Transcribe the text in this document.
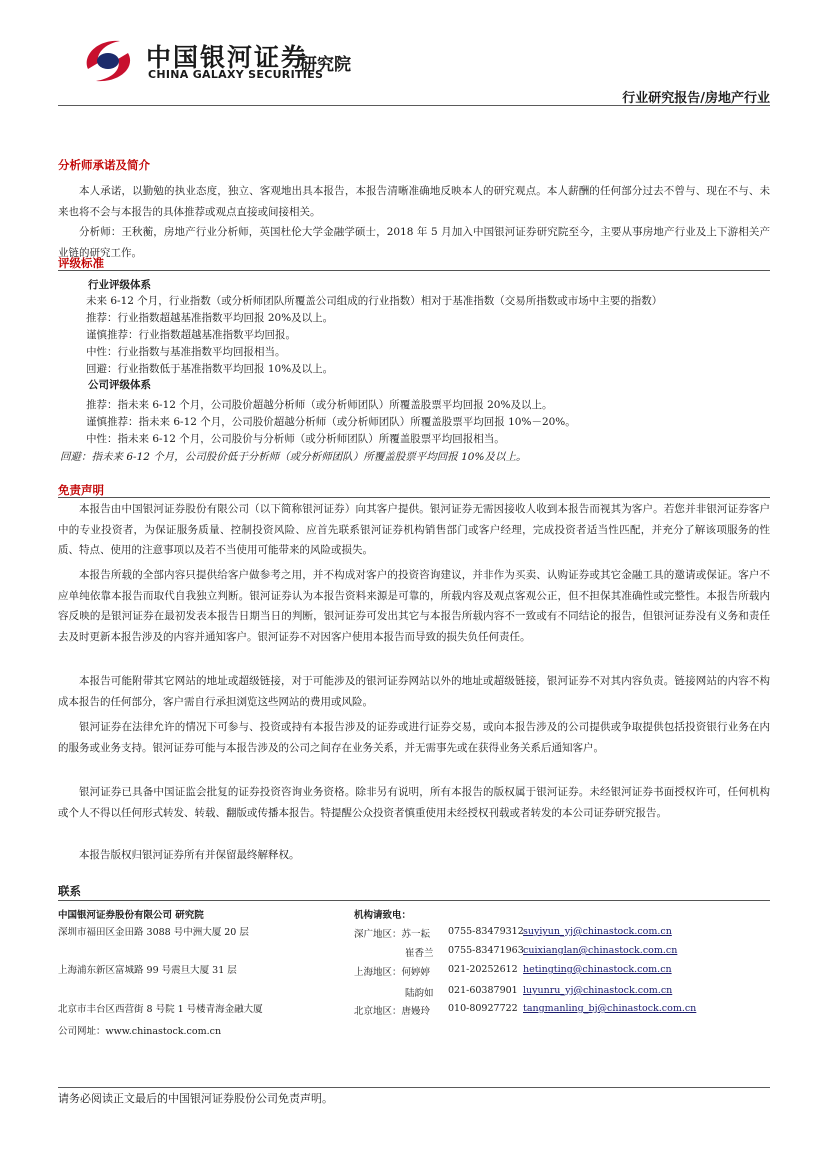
中国银河证券
研究院
CHINA GALAXY SECURITIES
行业研究报告/房地产行业
分析师承诺及简介
本人承诺，以勤勉的执业态度，独立、客观地出具本报告，本报告清晰准确地反映本人的研究观点。本人薪酬的任何部分过去不曾与、现在不与、未来也将不会与本报告的具体推荐或观点直接或间接相关。
分析师：王秋蘅，房地产行业分析师，英国杜伦大学金融学硕士，2018 年 5 月加入中国银河证券研究院至今，主要从事房地产行业及上下游相关产业链的研究工作。
评级标准
行业评级体系
未来 6-12 个月，行业指数（或分析师团队所覆盖公司组成的行业指数）相对于基准指数（交易所指数或市场中主要的指数）
推荐：行业指数超越基准指数平均回报 20%及以上。
谨慎推荐：行业指数超越基准指数平均回报。
中性：行业指数与基准指数平均回报相当。
回避：行业指数低于基准指数平均回报 10%及以上。
公司评级体系
推荐：指未来 6-12 个月，公司股价超越分析师（或分析师团队）所覆盖股票平均回报 20%及以上。
谨慎推荐：指未来 6-12 个月，公司股价超越分析师（或分析师团队）所覆盖股票平均回报 10%－20%。
中性：指未来 6-12 个月，公司股价与分析师（或分析师团队）所覆盖股票平均回报相当。
回避：指未来 6-12 个月，公司股价低于分析师（或分析师团队）所覆盖股票平均回报 10%及以上。
免责声明
本报告由中国银河证券股份有限公司（以下简称银河证券）向其客户提供。银河证券无需因接收人收到本报告而视其为客户。若您并非银河证券客户中的专业投资者，为保证服务质量、控制投资风险、应首先联系银河证券机构销售部门或客户经理，完成投资者适当性匹配，并充分了解该项服务的性质、特点、使用的注意事项以及若不当使用可能带来的风险或损失。
本报告所载的全部内容只提供给客户做参考之用，并不构成对客户的投资咨询建议，并非作为买卖、认购证券或其它金融工具的邀请或保证。客户不应单纯依靠本报告而取代自我独立判断。银河证券认为本报告资料来源是可靠的，所载内容及观点客观公正，但不担保其准确性或完整性。本报告所载内容反映的是银河证券在最初发表本报告日期当日的判断，银河证券可发出其它与本报告所载内容不一致或有不同结论的报告，但银河证券没有义务和责任去及时更新本报告涉及的内容并通知客户。银河证券不对因客户使用本报告而导致的损失负任何责任。
本报告可能附带其它网站的地址或超级链接，对于可能涉及的银河证券网站以外的地址或超级链接，银河证券不对其内容负责。链接网站的内容不构成本报告的任何部分，客户需自行承担浏览这些网站的费用或风险。
银河证券在法律允许的情况下可参与、投资或持有本报告涉及的证券或进行证券交易，或向本报告涉及的公司提供或争取提供包括投资银行业务在内的服务或业务支持。银河证券可能与本报告涉及的公司之间存在业务关系，并无需事先或在获得业务关系后通知客户。
银河证券已具备中国证监会批复的证券投资咨询业务资格。除非另有说明，所有本报告的版权属于银河证券。未经银河证券书面授权许可，任何机构或个人不得以任何形式转发、转载、翻版或传播本报告。特提醒公众投资者慎重使用未经授权刊载或者转发的本公司证券研究报告。
本报告版权归银河证券所有并保留最终解释权。
联系
中国银河证券股份有限公司 研究院
深圳市福田区金田路 3088 号中洲大厦 20 层
上海浦东新区富城路 99 号震旦大厦 31 层
北京市丰台区西营街 8 号院 1 号楼青海金融大厦
公司网址：www.chinastock.com.cn
机构请致电：
深广地区：苏一耘 0755-83479312 suyiyun_yj@chinastock.com.cn
崔香兰 0755-83471963 cuixianglan@chinastock.com.cn
上海地区：何婷婷 021-20252612 hetingting@chinastock.com.cn
陆韵如 021-60387901 luyunru_yj@chinastock.com.cn
北京地区：唐嫚玲 010-80927722 tangmanling_bj@chinastock.com.cn
请务必阅读正文最后的中国银河证券股份公司免责声明。
